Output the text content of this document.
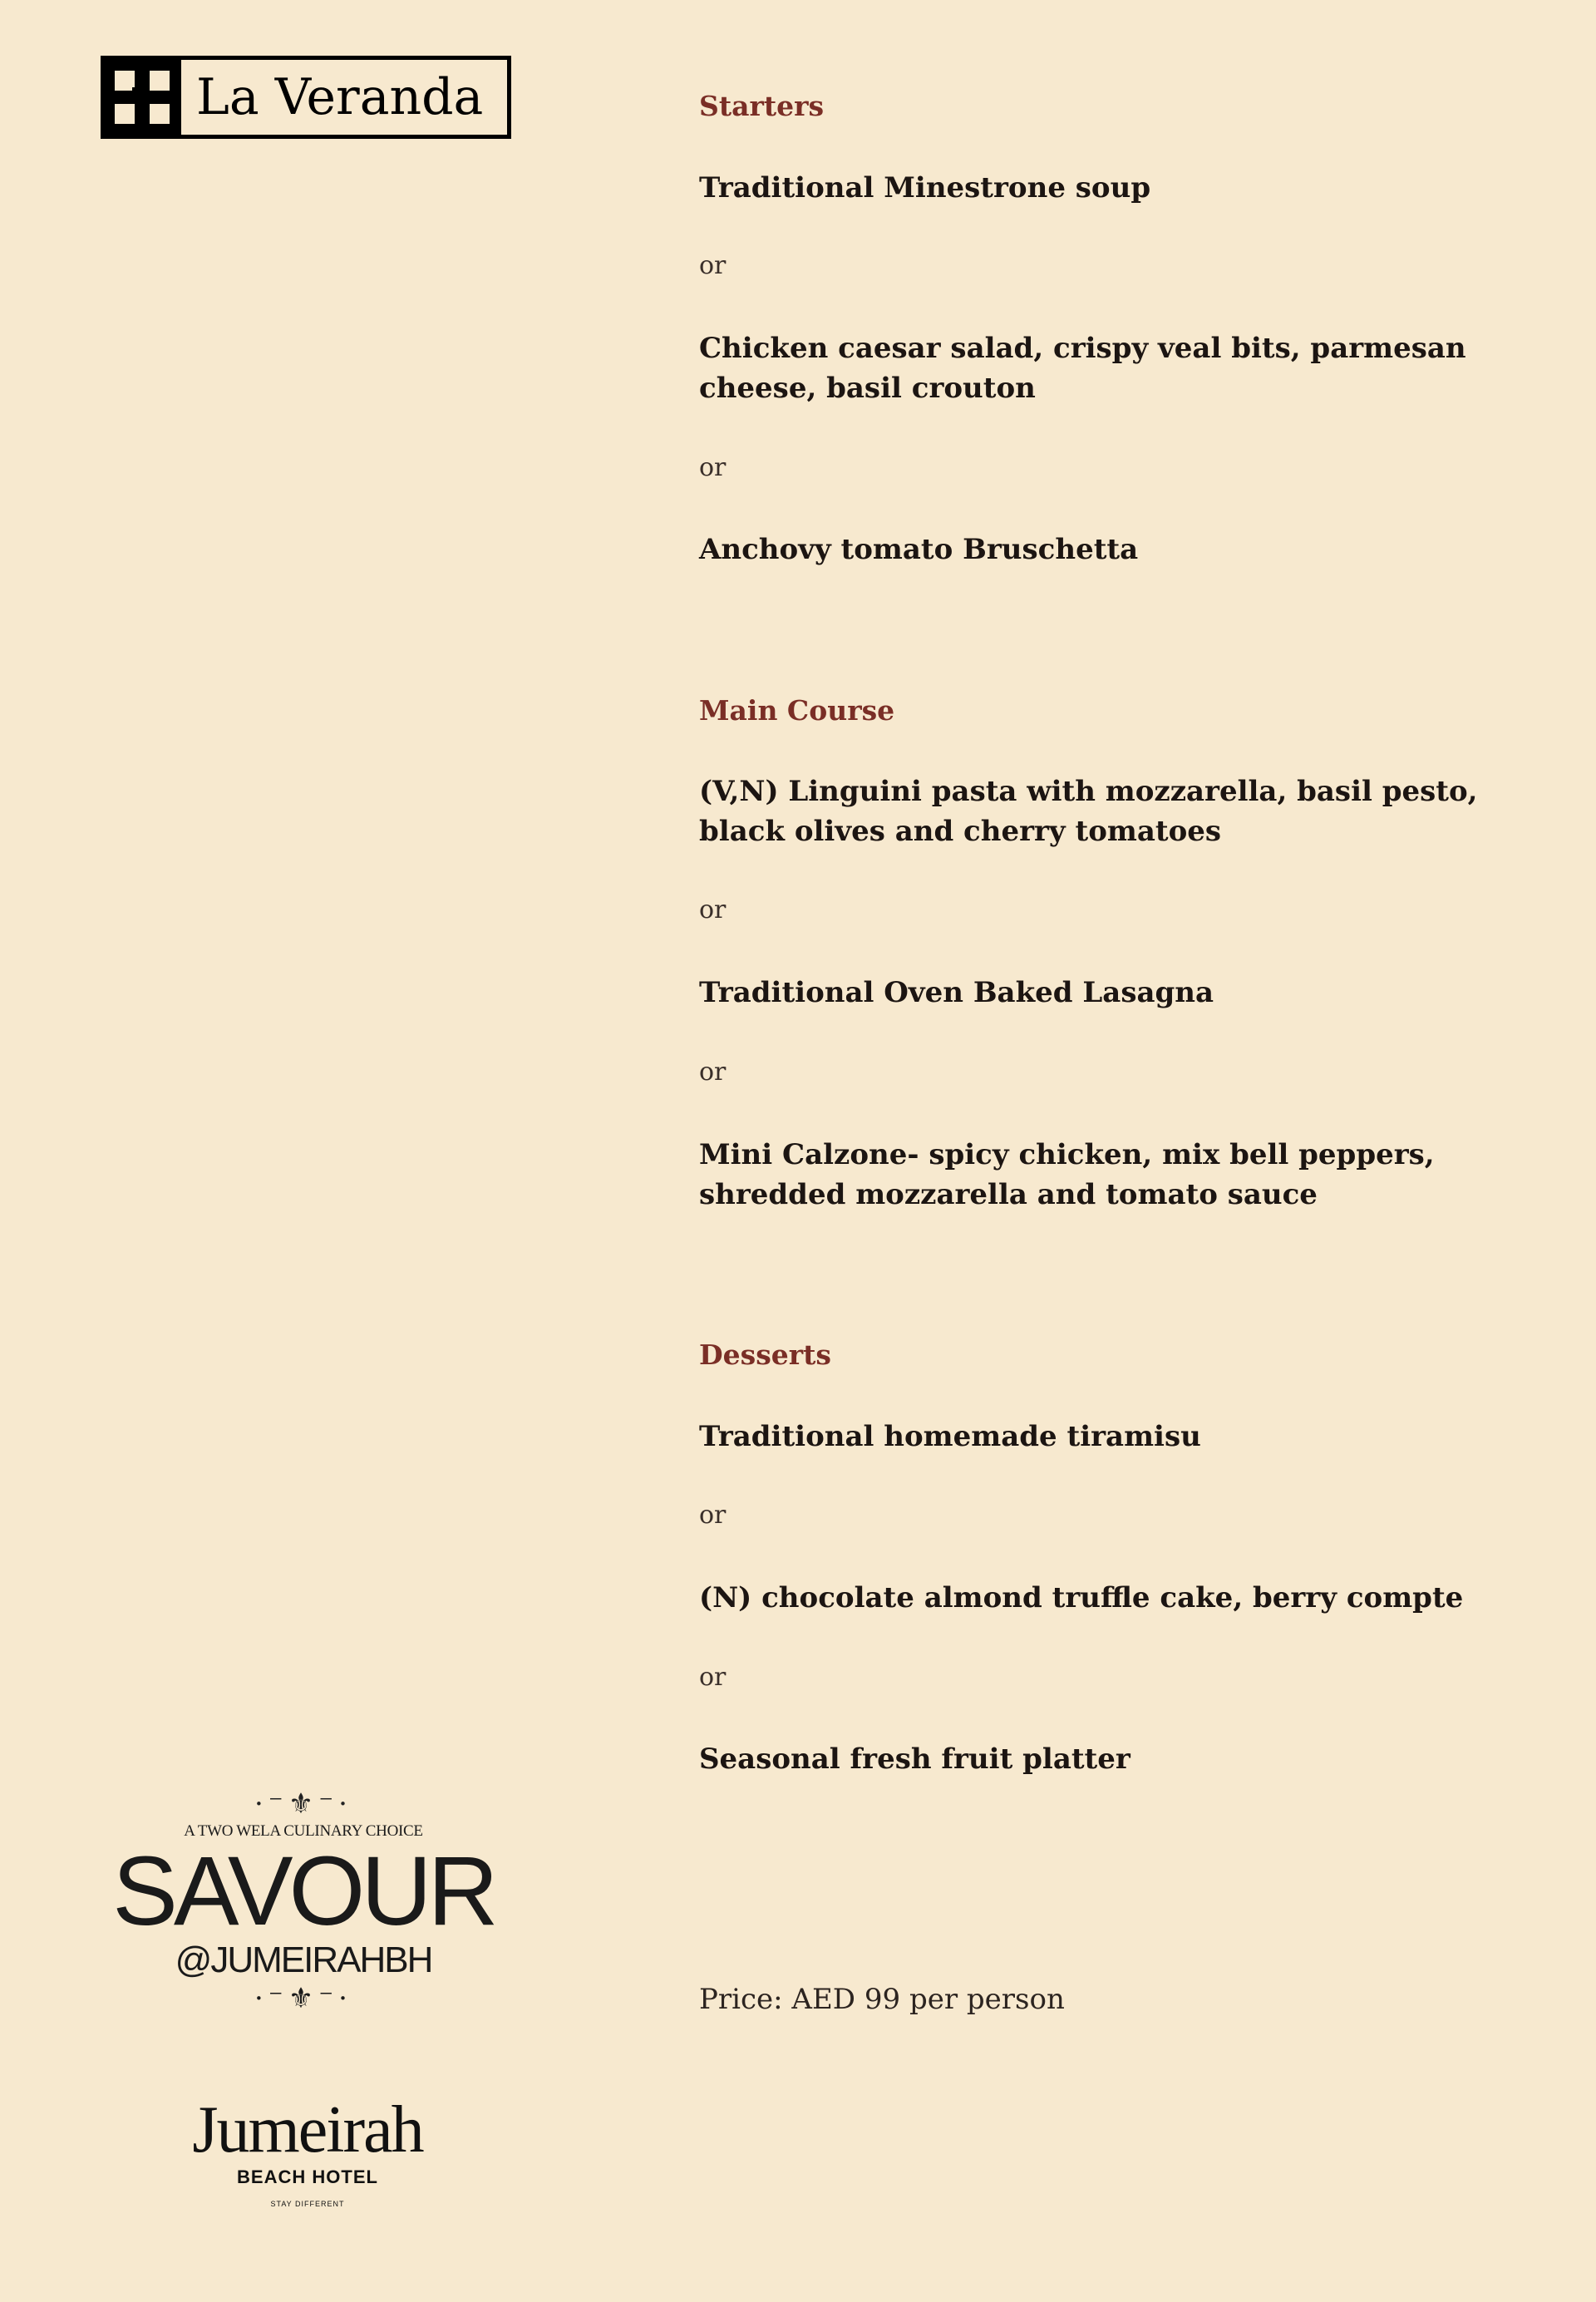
La Veranda
·⁻⚜⁻·
A TWO WELA CULINARY CHOICE
SAVOUR
@JUMEIRAHBH
·⁻⚜⁻·
Jumeirah
BEACH HOTEL
STAY DIFFERENT
Starters

Traditional Minestrone soup

or

Chicken caesar salad, crispy veal bits, parmesan cheese, basil crouton

or

Anchovy tomato Bruschetta

Main Course

(V,N) Linguini pasta with mozzarella, basil pesto, black olives and cherry tomatoes

or

Traditional Oven Baked Lasagna

or

Mini Calzone- spicy chicken, mix bell peppers, shredded mozzarella and tomato sauce

Desserts

Traditional homemade tiramisu

or

(N) chocolate almond truffle cake, berry compte

or

Seasonal fresh fruit platter

Price: AED 99 per person
